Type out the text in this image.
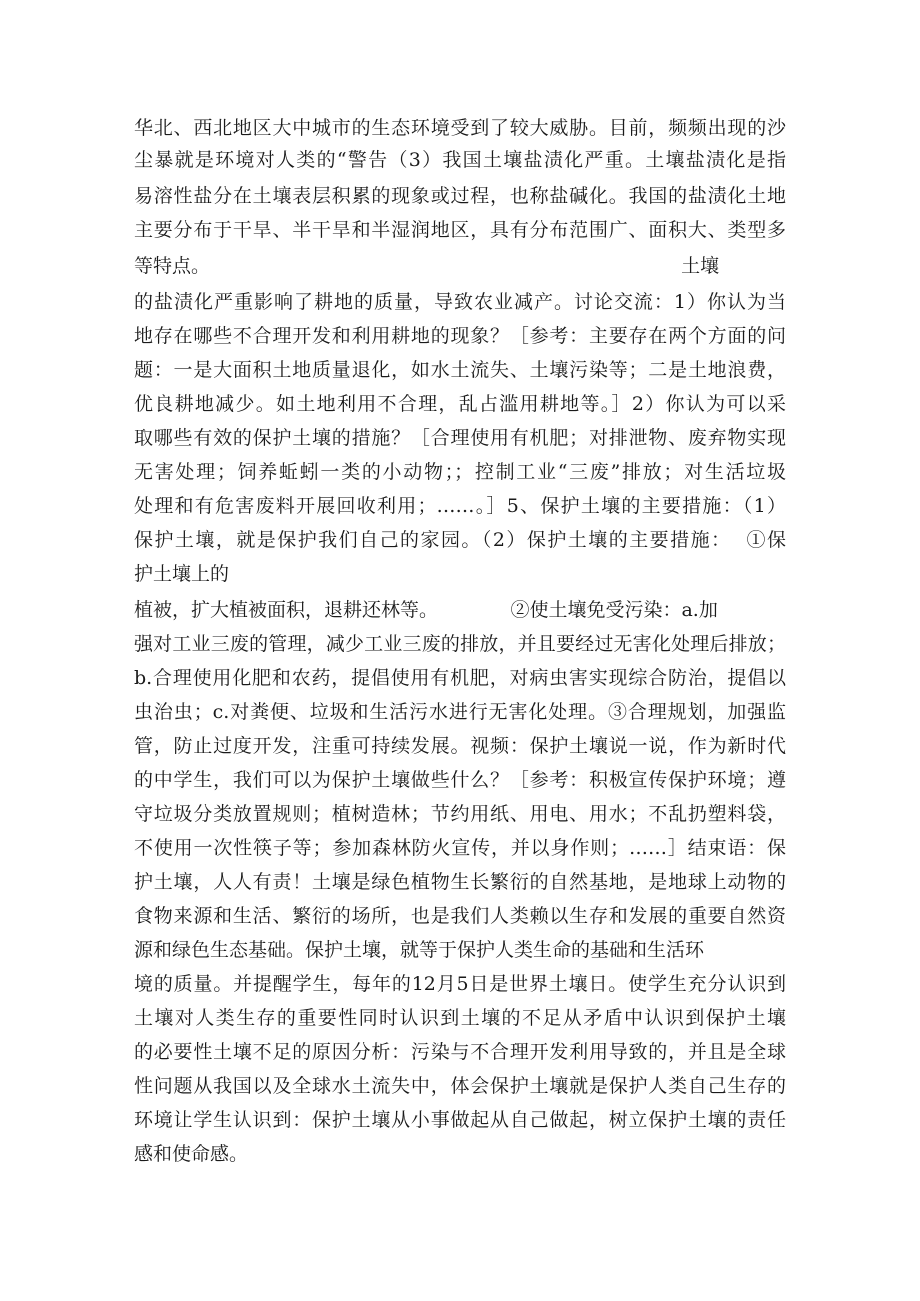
华北、西北地区大中城市的生态环境受到了较大威胁。目前，频频出现的沙
尘暴就是环境对人类的“警告（3）我国土壤盐渍化严重。土壤盐渍化是指
易溶性盐分在土壤表层积累的现象或过程，也称盐碱化。我国的盐渍化土地
主要分布于干旱、半干旱和半湿润地区，具有分布范围广、面积大、类型多
等特点。                                                                              土壤
的盐渍化严重影响了耕地的质量，导致农业减产。讨论交流：1）你认为当
地存在哪些不合理开发和利用耕地的现象？［参考：主要存在两个方面的问
题：一是大面积土地质量退化，如水土流失、土壤污染等；二是土地浪费，
优良耕地减少。如土地利用不合理，乱占滥用耕地等。］2）你认为可以采
取哪些有效的保护土壤的措施？［合理使用有机肥；对排泄物、废弃物实现
无害处理；饲养蚯蚓一类的小动物；；控制工业“三废”排放；对生活垃圾
处理和有危害废料开展回收利用；……。］5、保护土壤的主要措施：（1）
保护土壤，就是保护我们自己的家园。（2）保护土壤的主要措施：  ①保
护土壤上的
植被，扩大植被面积，退耕还林等。            ②使土壤免受污染：a.加
强对工业三废的管理，减少工业三废的排放，并且要经过无害化处理后排放；
b.合理使用化肥和农药，提倡使用有机肥，对病虫害实现综合防治，提倡以
虫治虫；c.对粪便、垃圾和生活污水进行无害化处理。③合理规划，加强监
管，防止过度开发，注重可持续发展。视频：保护土壤说一说，作为新时代
的中学生，我们可以为保护土壤做些什么？［参考：积极宣传保护环境；遵
守垃圾分类放置规则；植树造林；节约用纸、用电、用水；不乱扔塑料袋，
不使用一次性筷子等；参加森林防火宣传，并以身作则；……］结束语：保
护土壤，人人有责！土壤是绿色植物生长繁衍的自然基地，是地球上动物的
食物来源和生活、繁衍的场所，也是我们人类赖以生存和发展的重要自然资
源和绿色生态基础。保护土壤，就等于保护人类生命的基础和生活环
境的质量。并提醒学生，每年的12月5日是世界土壤日。使学生充分认识到
土壤对人类生存的重要性同时认识到土壤的不足从矛盾中认识到保护土壤
的必要性土壤不足的原因分析：污染与不合理开发利用导致的，并且是全球
性问题从我国以及全球水土流失中，体会保护土壤就是保护人类自己生存的
环境让学生认识到：保护土壤从小事做起从自己做起，树立保护土壤的责任
感和使命感。
